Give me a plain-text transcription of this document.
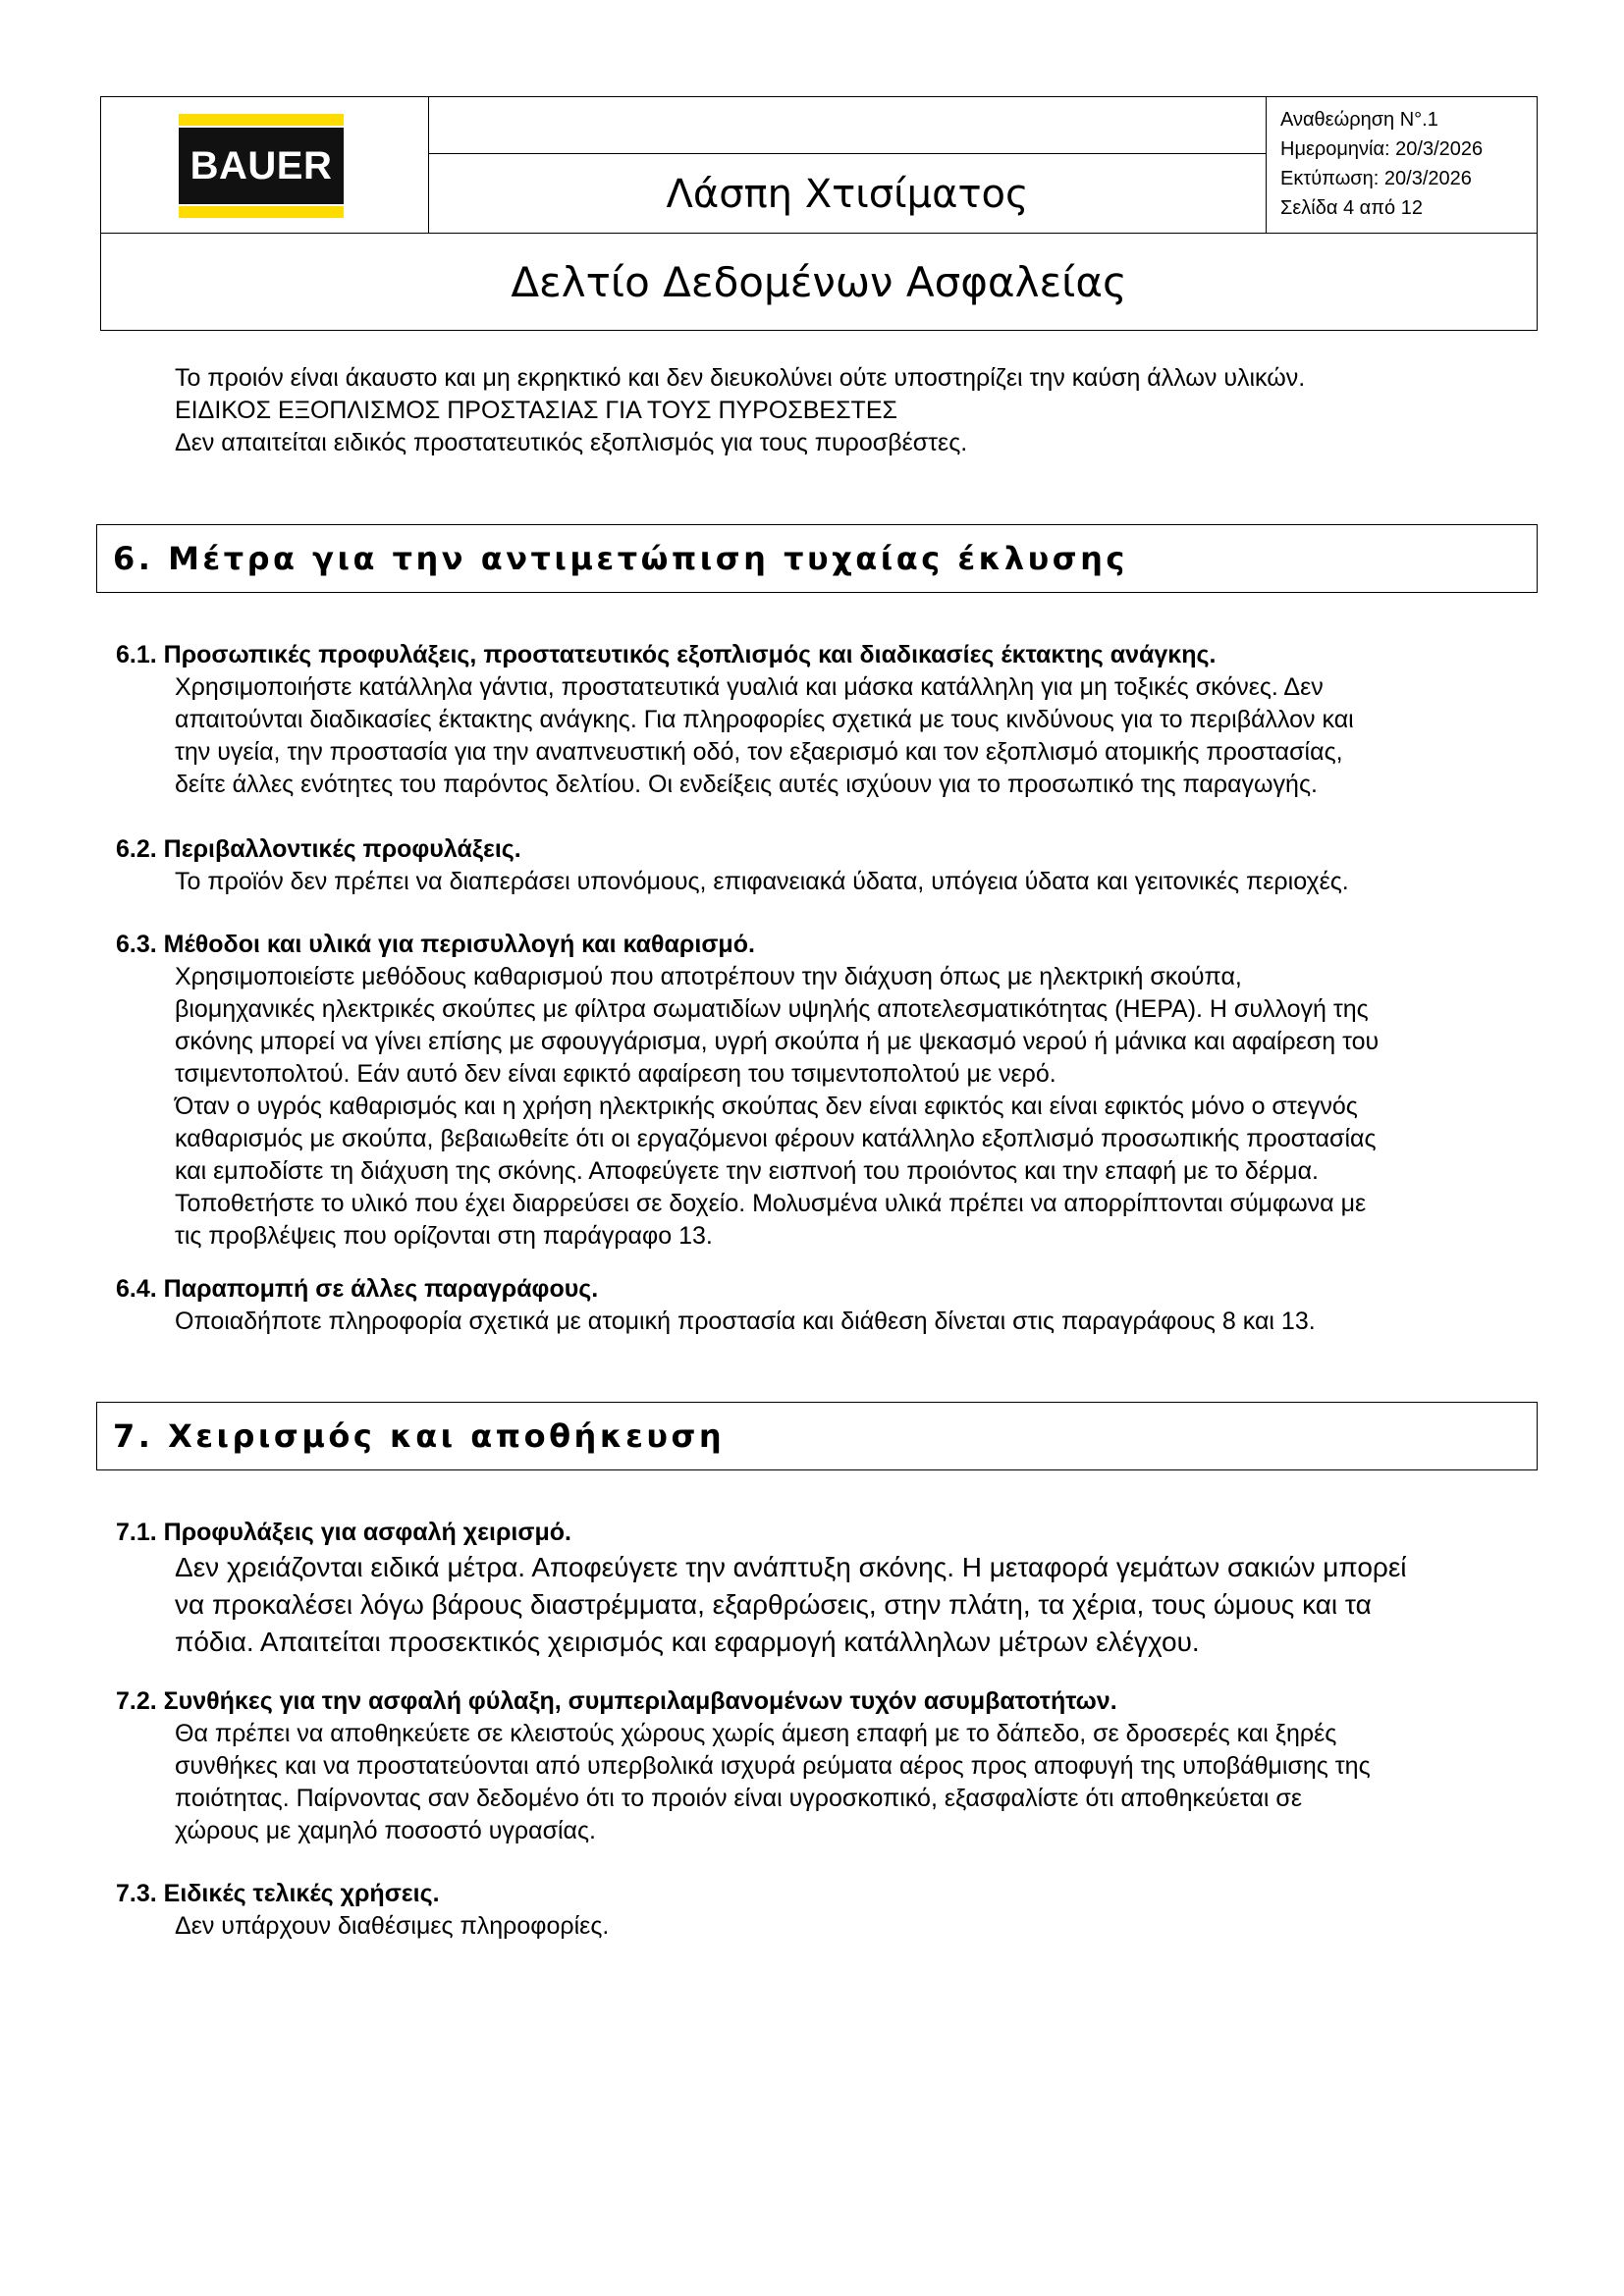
BAUER
Λάσπη Χτισίματος
Αναθεώρηση Ν°.1
Ημερομηνία: 20/3/2026
Εκτύπωση: 20/3/2026
Σελίδα 4 από 12
Δελτίο Δεδομένων Ασφαλείας

Το προιόν είναι άκαυστο και μη εκρηκτικό και δεν διευκολύνει ούτε υποστηρίζει την καύση άλλων υλικών.

ΕΙΔΙΚΟΣ ΕΞΟΠΛΙΣΜΟΣ ΠΡΟΣΤΑΣΙΑΣ ΓΙΑ ΤΟΥΣ ΠΥΡΟΣΒΕΣΤΕΣ

Δεν απαιτείται ειδικός προστατευτικός εξοπλισμός για τους πυροσβέστες.

6. Μέτρα για την αντιμετώπιση τυχαίας έκλυσης

6.1. Προσωπικές προφυλάξεις, προστατευτικός εξοπλισμός και διαδικασίες έκτακτης ανάγκης.

Χρησιμοποιήστε κατάλληλα γάντια, προστατευτικά γυαλιά και μάσκα κατάλληλη για μη τοξικές σκόνες. Δεν

απαιτούνται διαδικασίες έκτακτης ανάγκης. Για πληροφορίες σχετικά με τους κινδύνους για το περιβάλλον και

την υγεία, την προστασία για την αναπνευστική οδό, τον εξαερισμό και τον εξοπλισμό ατομικής προστασίας,

δείτε άλλες ενότητες του παρόντος δελτίου. Οι ενδείξεις αυτές ισχύουν για το προσωπικό της παραγωγής.

6.2. Περιβαλλοντικές προφυλάξεις.

Το προϊόν δεν πρέπει να διαπεράσει υπονόμους, επιφανειακά ύδατα, υπόγεια ύδατα και γειτονικές περιοχές.

6.3. Μέθοδοι και υλικά για περισυλλογή και καθαρισμό.

Χρησιμοποιείστε μεθόδους καθαρισμού που αποτρέπουν την διάχυση όπως με ηλεκτρική σκούπα,

βιομηχανικές ηλεκτρικές σκούπες με φίλτρα σωματιδίων υψηλής αποτελεσματικότητας (HEPA). Η συλλογή της

σκόνης μπορεί να γίνει επίσης με σφουγγάρισμα, υγρή σκούπα ή με ψεκασμό νερού ή μάνικα και αφαίρεση του

τσιμεντοπολτού. Εάν αυτό δεν είναι εφικτό αφαίρεση του τσιμεντοπολτού με νερό.

Όταν ο υγρός καθαρισμός και η χρήση ηλεκτρικής σκούπας δεν είναι εφικτός και είναι εφικτός μόνο ο στεγνός

καθαρισμός με σκούπα, βεβαιωθείτε ότι οι εργαζόμενοι φέρουν κατάλληλο εξοπλισμό προσωπικής προστασίας

και εμποδίστε τη διάχυση της σκόνης. Αποφεύγετε την εισπνοή του προιόντος και την επαφή με το δέρμα.

Τοποθετήστε το υλικό που έχει διαρρεύσει σε δοχείο. Μολυσμένα υλικά πρέπει να απορρίπτονται σύμφωνα με

τις προβλέψεις που ορίζονται στη παράγραφο 13.

6.4. Παραπομπή σε άλλες παραγράφους.

Οποιαδήποτε πληροφορία σχετικά με ατομική προστασία και διάθεση δίνεται στις παραγράφους 8 και 13.

7. Χειρισμός και αποθήκευση

7.1. Προφυλάξεις για ασφαλή χειρισμό.

Δεν χρειάζονται ειδικά μέτρα. Αποφεύγετε την ανάπτυξη σκόνης. Η μεταφορά γεμάτων σακιών μπορεί

να προκαλέσει λόγω βάρους διαστρέμματα, εξαρθρώσεις, στην πλάτη, τα χέρια, τους ώμους και τα

πόδια. Απαιτείται προσεκτικός χειρισμός και εφαρμογή κατάλληλων μέτρων ελέγχου.

7.2. Συνθήκες για την ασφαλή φύλαξη, συμπεριλαμβανομένων τυχόν ασυμβατοτήτων.

Θα πρέπει να αποθηκεύετε σε κλειστούς χώρους χωρίς άμεση επαφή με το δάπεδο, σε δροσερές και ξηρές

συνθήκες και να προστατεύονται από υπερβολικά ισχυρά ρεύματα αέρος προς αποφυγή της υποβάθμισης της

ποιότητας. Παίρνοντας σαν δεδομένο ότι το προιόν είναι υγροσκοπικό, εξασφαλίστε ότι αποθηκεύεται σε

χώρους με χαμηλό ποσοστό υγρασίας.

7.3. Ειδικές τελικές χρήσεις.

Δεν υπάρχουν διαθέσιμες πληροφορίες.
